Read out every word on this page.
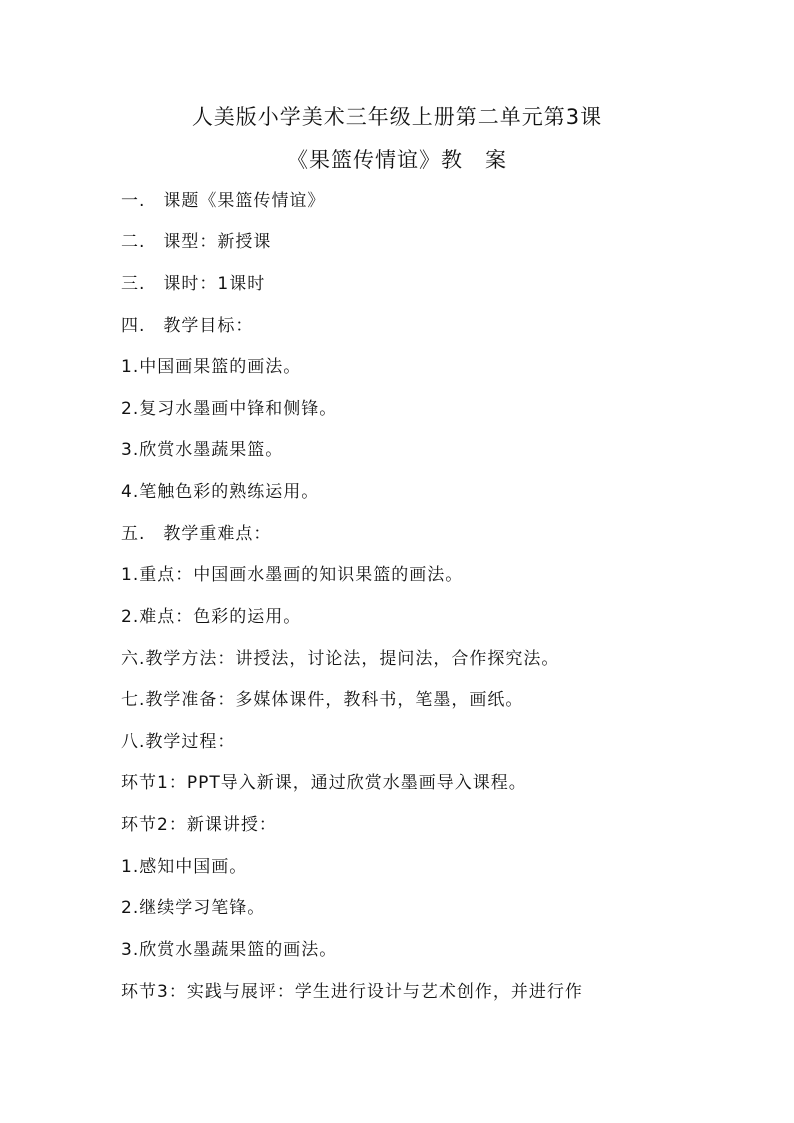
人美版小学美术三年级上册第二单元第3课
《果篮传情谊》教　案
一.　课题《果篮传情谊》
二.　课型：新授课
三.　课时：1课时
四.　教学目标：
1.中国画果篮的画法。
2.复习水墨画中锋和侧锋。
3.欣赏水墨蔬果篮。
4.笔触色彩的熟练运用。
五.　教学重难点：
1.重点：中国画水墨画的知识果篮的画法。
2.难点：色彩的运用。
六.教学方法：讲授法，讨论法，提问法，合作探究法。
七.教学准备：多媒体课件，教科书，笔墨，画纸。
八.教学过程：
环节1：PPT导入新课，通过欣赏水墨画导入课程。
环节2：新课讲授：
1.感知中国画。
2.继续学习笔锋。
3.欣赏水墨蔬果篮的画法。
环节3：实践与展评：学生进行设计与艺术创作，并进行作
